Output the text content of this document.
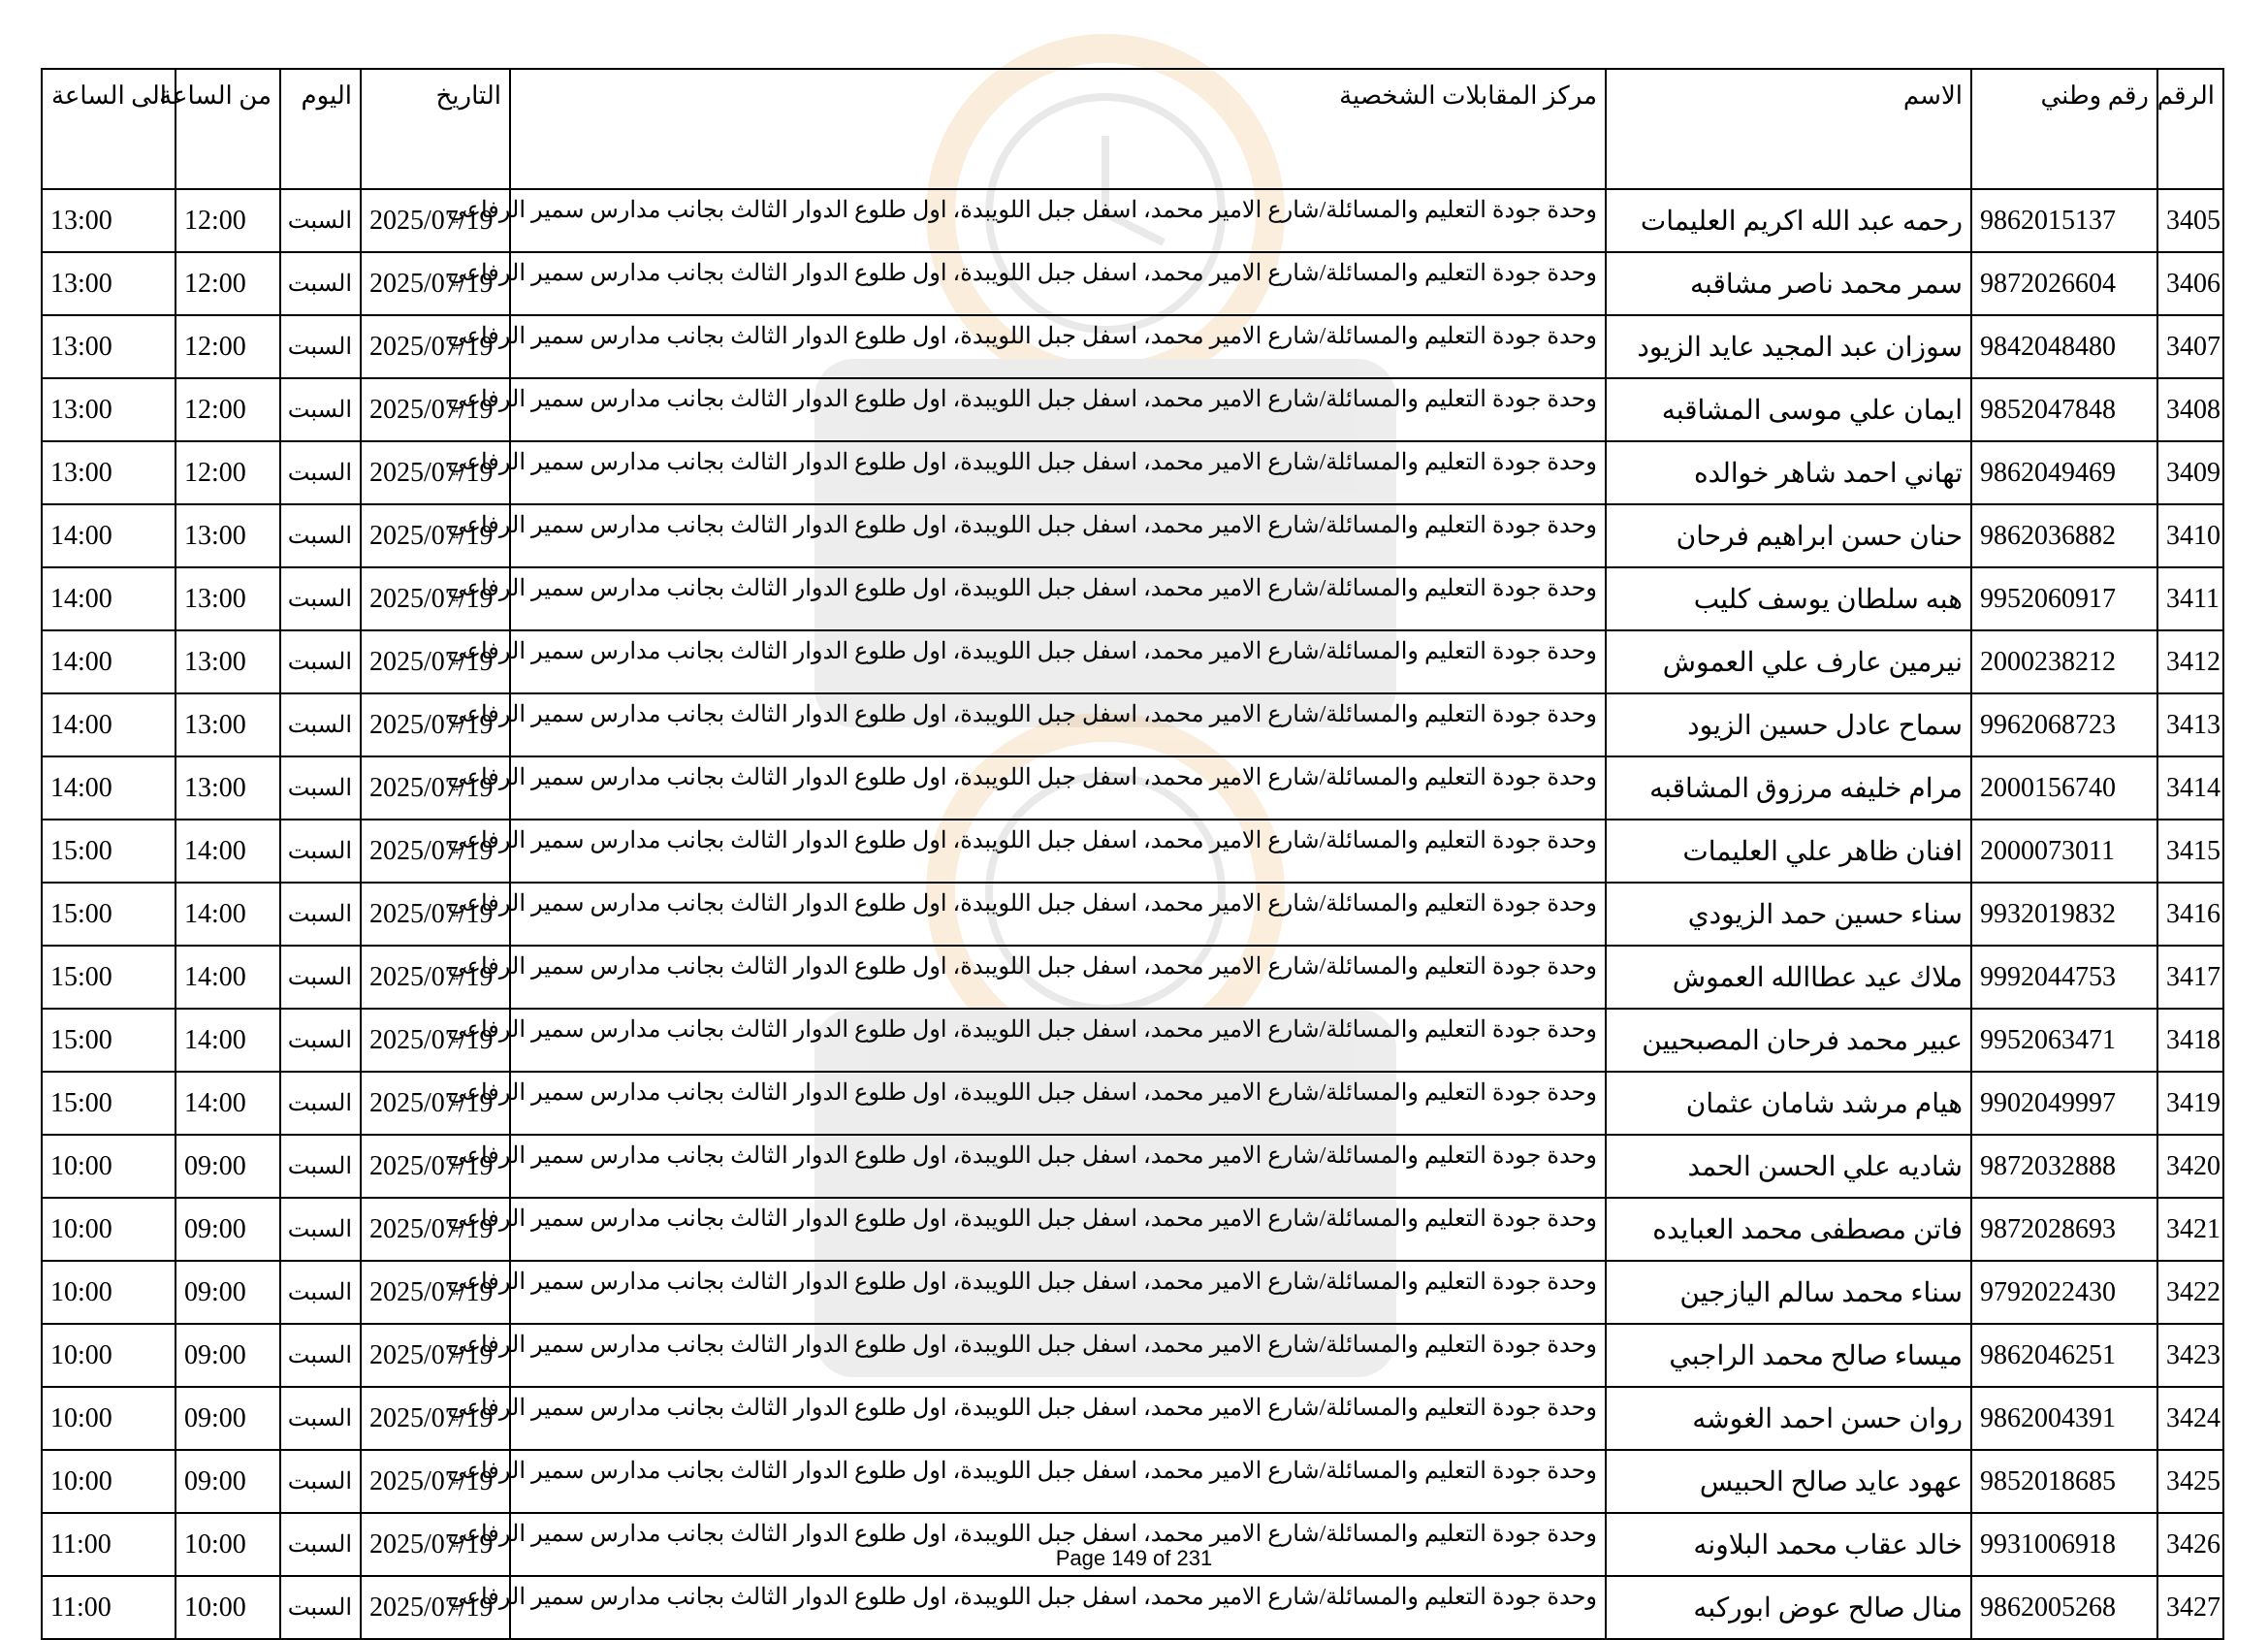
الرقم	رقم وطني	الاسم	مركز المقابلات الشخصية	التاريخ	اليوم	من الساعة	الى الساعة
3405	9862015137	رحمه عبد الله اكريم العليمات	وحدة جودة التعليم والمسائلة/شارع الامير محمد، اسفل جبل اللويبدة، اول طلوع الدوار الثالث بجانب مدارس سمير الرفاعي	2025/07/19	السبت	12:00	13:00
3406	9872026604	سمر محمد ناصر مشاقبه	وحدة جودة التعليم والمسائلة/شارع الامير محمد، اسفل جبل اللويبدة، اول طلوع الدوار الثالث بجانب مدارس سمير الرفاعي	2025/07/19	السبت	12:00	13:00
3407	9842048480	سوزان عبد المجيد عايد الزيود	وحدة جودة التعليم والمسائلة/شارع الامير محمد، اسفل جبل اللويبدة، اول طلوع الدوار الثالث بجانب مدارس سمير الرفاعي	2025/07/19	السبت	12:00	13:00
3408	9852047848	ايمان علي موسى المشاقبه	وحدة جودة التعليم والمسائلة/شارع الامير محمد، اسفل جبل اللويبدة، اول طلوع الدوار الثالث بجانب مدارس سمير الرفاعي	2025/07/19	السبت	12:00	13:00
3409	9862049469	تهاني احمد شاهر خوالده	وحدة جودة التعليم والمسائلة/شارع الامير محمد، اسفل جبل اللويبدة، اول طلوع الدوار الثالث بجانب مدارس سمير الرفاعي	2025/07/19	السبت	12:00	13:00
3410	9862036882	حنان حسن ابراهيم فرحان	وحدة جودة التعليم والمسائلة/شارع الامير محمد، اسفل جبل اللويبدة، اول طلوع الدوار الثالث بجانب مدارس سمير الرفاعي	2025/07/19	السبت	13:00	14:00
3411	9952060917	هبه سلطان يوسف كليب	وحدة جودة التعليم والمسائلة/شارع الامير محمد، اسفل جبل اللويبدة، اول طلوع الدوار الثالث بجانب مدارس سمير الرفاعي	2025/07/19	السبت	13:00	14:00
3412	2000238212	نيرمين عارف علي العموش	وحدة جودة التعليم والمسائلة/شارع الامير محمد، اسفل جبل اللويبدة، اول طلوع الدوار الثالث بجانب مدارس سمير الرفاعي	2025/07/19	السبت	13:00	14:00
3413	9962068723	سماح عادل حسين الزيود	وحدة جودة التعليم والمسائلة/شارع الامير محمد، اسفل جبل اللويبدة، اول طلوع الدوار الثالث بجانب مدارس سمير الرفاعي	2025/07/19	السبت	13:00	14:00
3414	2000156740	مرام خليفه مرزوق المشاقبه	وحدة جودة التعليم والمسائلة/شارع الامير محمد، اسفل جبل اللويبدة، اول طلوع الدوار الثالث بجانب مدارس سمير الرفاعي	2025/07/19	السبت	13:00	14:00
3415	2000073011	افنان ظاهر علي العليمات	وحدة جودة التعليم والمسائلة/شارع الامير محمد، اسفل جبل اللويبدة، اول طلوع الدوار الثالث بجانب مدارس سمير الرفاعي	2025/07/19	السبت	14:00	15:00
3416	9932019832	سناء حسين حمد الزيودي	وحدة جودة التعليم والمسائلة/شارع الامير محمد، اسفل جبل اللويبدة، اول طلوع الدوار الثالث بجانب مدارس سمير الرفاعي	2025/07/19	السبت	14:00	15:00
3417	9992044753	ملاك عيد عطاالله العموش	وحدة جودة التعليم والمسائلة/شارع الامير محمد، اسفل جبل اللويبدة، اول طلوع الدوار الثالث بجانب مدارس سمير الرفاعي	2025/07/19	السبت	14:00	15:00
3418	9952063471	عبير محمد فرحان المصبحيين	وحدة جودة التعليم والمسائلة/شارع الامير محمد، اسفل جبل اللويبدة، اول طلوع الدوار الثالث بجانب مدارس سمير الرفاعي	2025/07/19	السبت	14:00	15:00
3419	9902049997	هيام مرشد شامان عثمان	وحدة جودة التعليم والمسائلة/شارع الامير محمد، اسفل جبل اللويبدة، اول طلوع الدوار الثالث بجانب مدارس سمير الرفاعي	2025/07/19	السبت	14:00	15:00
3420	9872032888	شاديه علي الحسن الحمد	وحدة جودة التعليم والمسائلة/شارع الامير محمد، اسفل جبل اللويبدة، اول طلوع الدوار الثالث بجانب مدارس سمير الرفاعي	2025/07/19	السبت	09:00	10:00
3421	9872028693	فاتن مصطفى محمد العبايده	وحدة جودة التعليم والمسائلة/شارع الامير محمد، اسفل جبل اللويبدة، اول طلوع الدوار الثالث بجانب مدارس سمير الرفاعي	2025/07/19	السبت	09:00	10:00
3422	9792022430	سناء محمد سالم اليازجين	وحدة جودة التعليم والمسائلة/شارع الامير محمد، اسفل جبل اللويبدة، اول طلوع الدوار الثالث بجانب مدارس سمير الرفاعي	2025/07/19	السبت	09:00	10:00
3423	9862046251	ميساء صالح محمد الراجبي	وحدة جودة التعليم والمسائلة/شارع الامير محمد، اسفل جبل اللويبدة، اول طلوع الدوار الثالث بجانب مدارس سمير الرفاعي	2025/07/19	السبت	09:00	10:00
3424	9862004391	روان حسن احمد الغوشه	وحدة جودة التعليم والمسائلة/شارع الامير محمد، اسفل جبل اللويبدة، اول طلوع الدوار الثالث بجانب مدارس سمير الرفاعي	2025/07/19	السبت	09:00	10:00
3425	9852018685	عهود عايد صالح الحبيس	وحدة جودة التعليم والمسائلة/شارع الامير محمد، اسفل جبل اللويبدة، اول طلوع الدوار الثالث بجانب مدارس سمير الرفاعي	2025/07/19	السبت	09:00	10:00
3426	9931006918	خالد عقاب محمد البلاونه	وحدة جودة التعليم والمسائلة/شارع الامير محمد، اسفل جبل اللويبدة، اول طلوع الدوار الثالث بجانب مدارس سمير الرفاعي	2025/07/19	السبت	10:00	11:00
3427	9862005268	منال صالح عوض ابوركبه	وحدة جودة التعليم والمسائلة/شارع الامير محمد، اسفل جبل اللويبدة، اول طلوع الدوار الثالث بجانب مدارس سمير الرفاعي	2025/07/19	السبت	10:00	11:00
Page 149 of 231
